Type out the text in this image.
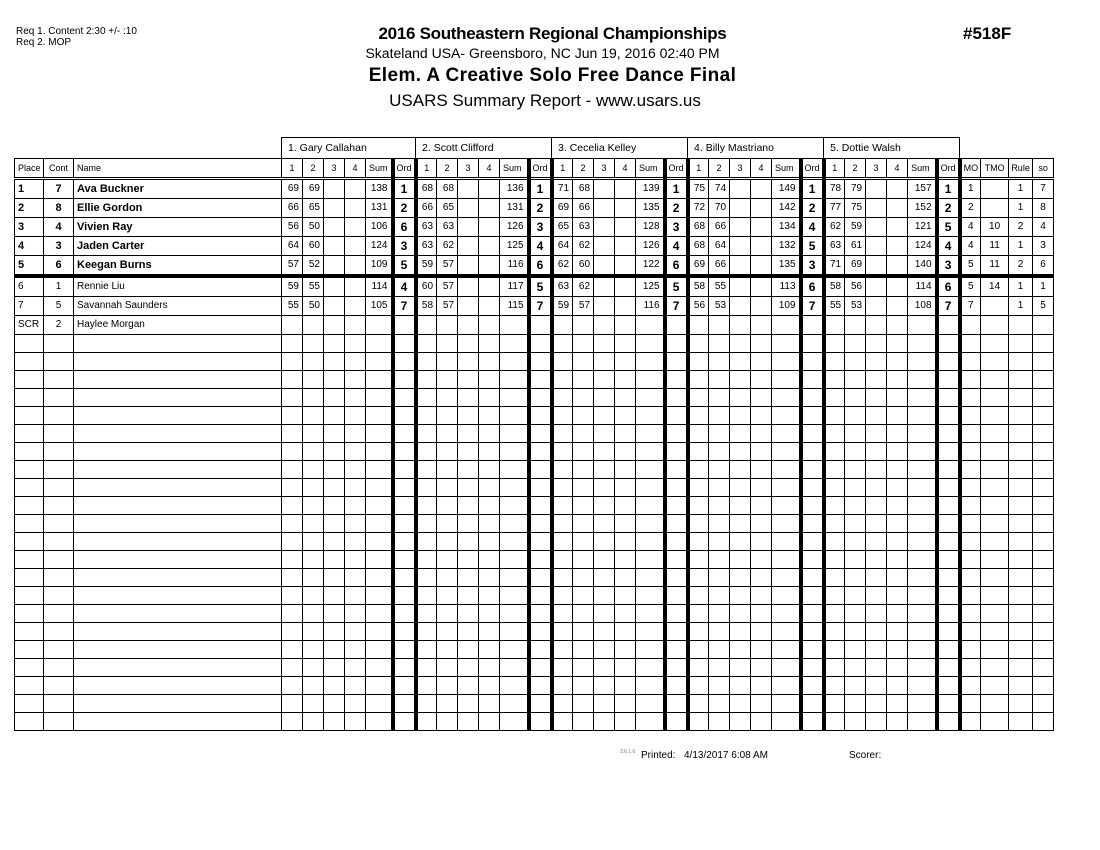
Req 1. Content 2:30 +/- :10
Req 2. MOP	2016 Southeastern Regional Championships
Skateland USA- Greensboro, NC Jun 19, 2016 02:40 PM
Elem. A Creative Solo Free Dance Final
USARS Summary Report - www.usars.us
#518F
			1. Gary Callahan						2. Scott Clifford						3. Cecelia Kelley						4. Billy Mastriano						5. Dottie Walsh									
Place	Cont	Name	1	2	3	4	Sum	Ord	1	2	3	4	Sum	Ord	1	2	3	4	Sum	Ord	1	2	3	4	Sum	Ord	1	2	3	4	Sum	Ord	MO	TMO	Rule	so
1	7	Ava Buckner	69	69			138	1	68	68			136	1	71	68			139	1	75	74			149	1	78	79			157	1	1		1	7
2	8	Ellie Gordon	66	65			131	2	66	65			131	2	69	66			135	2	72	70			142	2	77	75			152	2	2		1	8
3	4	Vivien Ray	56	50			106	6	63	63			126	3	65	63			128	3	68	66			134	4	62	59			121	5	4	10	2	4
4	3	Jaden Carter	64	60			124	3	63	62			125	4	64	62			126	4	68	64			132	5	63	61			124	4	4	11	1	3
5	6	Keegan Burns	57	52			109	5	59	57			116	6	62	60			122	6	69	66			135	3	71	69			140	3	5	11	2	6
6	1	Rennie Liu	59	55			114	4	60	57			117	5	63	62			125	5	58	55			113	6	58	56			114	6	5	14	1	1
7	5	Savannah Saunders	55	50			105	7	58	57			115	7	59	57			116	7	56	53			109	7	55	53			108	7	7		1	5
SCR	2	Haylee Morgan																																		

3.6.1.6 Printed: 4/13/2017 6:08 AM	Scorer:
